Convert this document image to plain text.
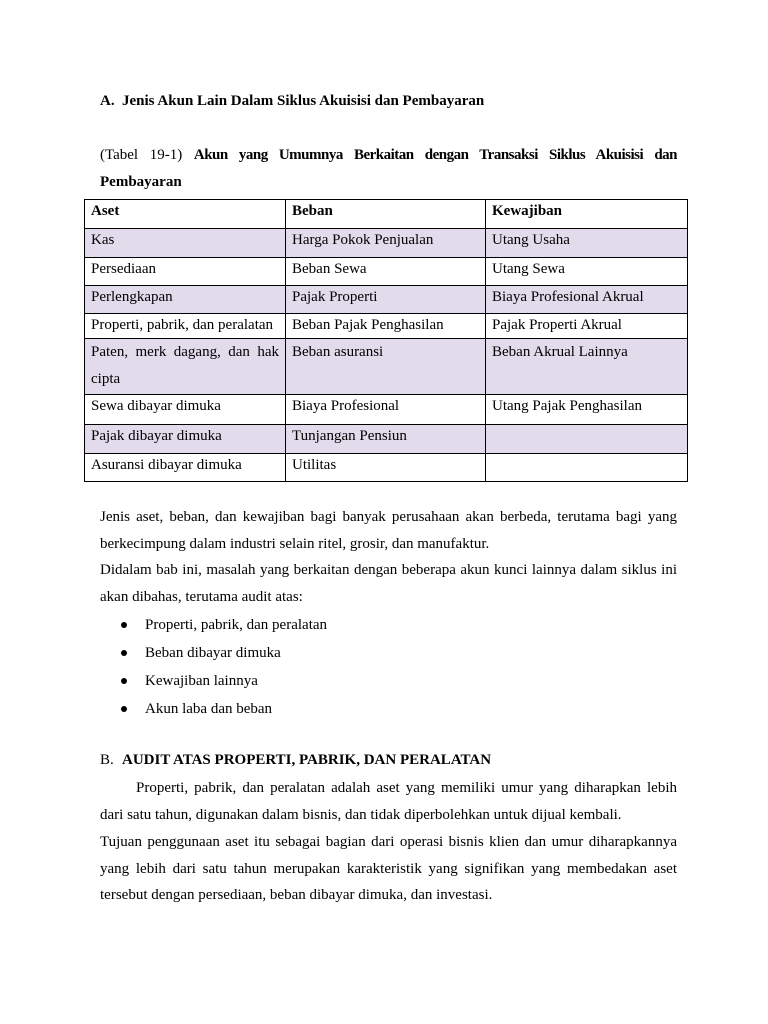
A. Jenis Akun Lain Dalam Siklus Akuisisi dan Pembayaran
(Tabel 19-1) Akun yang Umumnya Berkaitan dengan Transaksi Siklus Akuisisi dan
Pembayaran
Aset	Beban	Kewajiban
Kas	Harga Pokok Penjualan	Utang Usaha
Persediaan	Beban Sewa	Utang Sewa
Perlengkapan	Pajak Properti	Biaya Profesional Akrual
Properti, pabrik, dan peralatan	Beban Pajak Penghasilan	Pajak Properti Akrual
Paten, merk dagang, dan hak cipta	Beban asuransi	Beban Akrual Lainnya
Sewa dibayar dimuka	Biaya Profesional	Utang Pajak Penghasilan
Pajak dibayar dimuka	Tunjangan Pensiun	
Asuransi dibayar dimuka	Utilitas	
Jenis aset, beban, dan kewajiban bagi banyak perusahaan akan berbeda, terutama bagi yang
berkecimpung dalam industri selain ritel, grosir, dan manufaktur.
Didalam bab ini, masalah yang berkaitan dengan beberapa akun kunci lainnya dalam siklus ini
akan dibahas, terutama audit atas:
Properti, pabrik, dan peralatan
Beban dibayar dimuka
Kewajiban lainnya
Akun laba dan beban
B. AUDIT ATAS PROPERTI, PABRIK, DAN PERALATAN
Properti, pabrik, dan peralatan adalah aset yang memiliki umur yang diharapkan lebih
dari satu tahun, digunakan dalam bisnis, dan tidak diperbolehkan untuk dijual kembali.
Tujuan penggunaan aset itu sebagai bagian dari operasi bisnis klien dan umur diharapkannya
yang lebih dari satu tahun merupakan karakteristik yang signifikan yang membedakan aset
tersebut dengan persediaan, beban dibayar dimuka, dan investasi.
